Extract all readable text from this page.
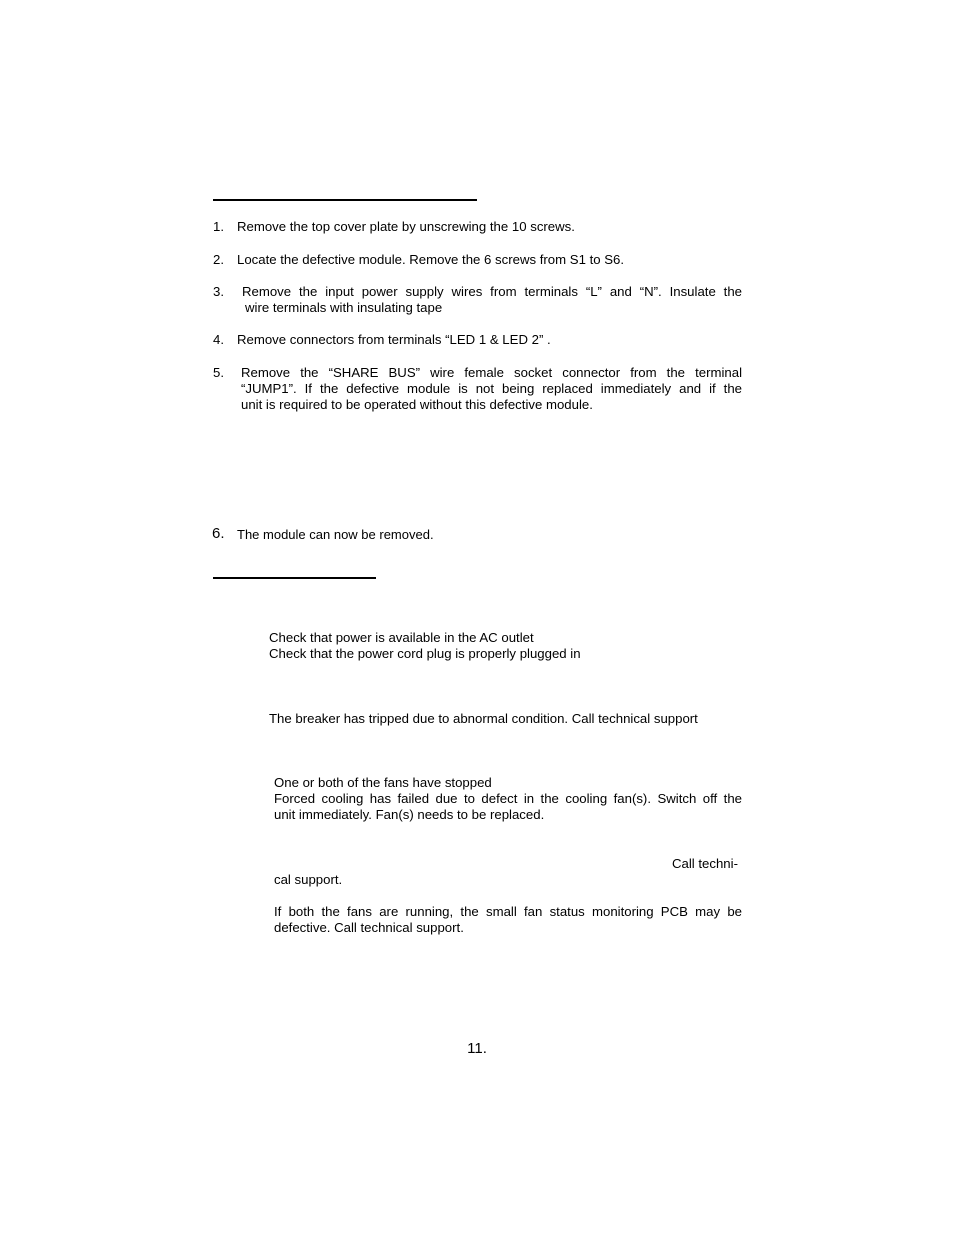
1. Remove the top cover plate by unscrewing the 10 screws.
2. Locate the defective module. Remove the 6 screws from S1 to S6.
3. Remove the input power supply wires from terminals “L” and “N”. Insulate the
wire terminals with insulating tape
4. Remove connectors from terminals “LED 1 & LED 2” .
5. Remove the “SHARE BUS” wire female socket connector from the terminal
“JUMP1”. If the defective module is not being replaced immediately and if the
unit is required to be operated without this defective module.
6. The module can now be removed.
Check that power is available in the AC outlet
Check that the power cord plug is properly plugged in
The breaker has tripped due to abnormal condition. Call technical support
One or both of the fans have stopped
Forced cooling has failed due to defect in the cooling fan(s). Switch off the
unit immediately. Fan(s) needs to be replaced.
Call techni-
cal support.
If both the fans are running, the small fan status monitoring PCB may be
defective. Call technical support.
11.
